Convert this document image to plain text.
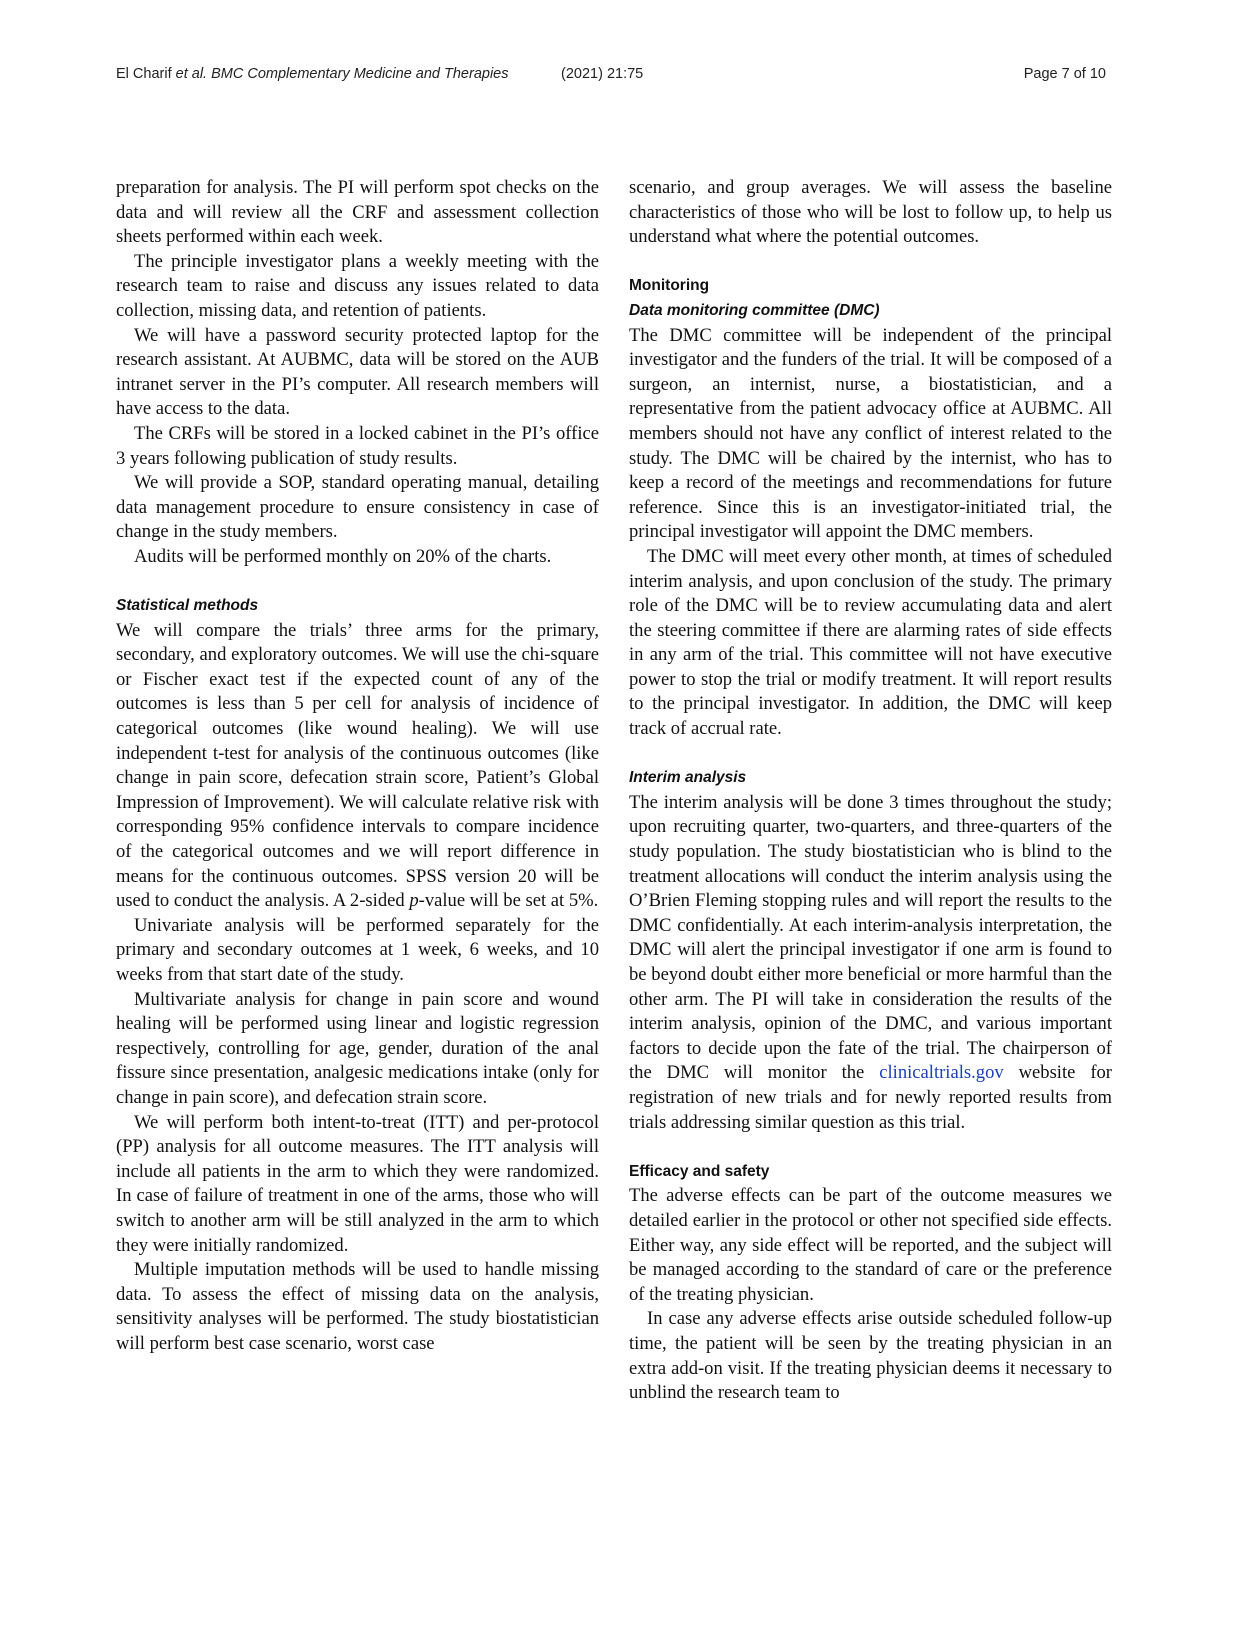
El Charif et al. BMC Complementary Medicine and Therapies	(2021) 21:75	Page 7 of 10

preparation for analysis. The PI will perform spot checks on the data and will review all the CRF and assessment collection sheets performed within each week.

The principle investigator plans a weekly meeting with the research team to raise and discuss any issues related to data collection, missing data, and retention of patients.

We will have a password security protected laptop for the research assistant. At AUBMC, data will be stored on the AUB intranet server in the PI’s computer. All research members will have access to the data.

The CRFs will be stored in a locked cabinet in the PI’s office 3 years following publication of study results.

We will provide a SOP, standard operating manual, detailing data management procedure to ensure consistency in case of change in the study members.

Audits will be performed monthly on 20% of the charts.

Statistical methods

We will compare the trials’ three arms for the primary, secondary, and exploratory outcomes. We will use the chi-square or Fischer exact test if the expected count of any of the outcomes is less than 5 per cell for analysis of incidence of categorical outcomes (like wound healing). We will use independent t-test for analysis of the continuous outcomes (like change in pain score, defecation strain score, Patient’s Global Impression of Improvement). We will calculate relative risk with corresponding 95% confidence intervals to compare incidence of the categorical outcomes and we will report difference in means for the continuous outcomes. SPSS version 20 will be used to conduct the analysis. A 2-sided p-value will be set at 5%.

Univariate analysis will be performed separately for the primary and secondary outcomes at 1 week, 6 weeks, and 10 weeks from that start date of the study.

Multivariate analysis for change in pain score and wound healing will be performed using linear and logistic regression respectively, controlling for age, gender, duration of the anal fissure since presentation, analgesic medications intake (only for change in pain score), and defecation strain score.

We will perform both intent-to-treat (ITT) and per-protocol (PP) analysis for all outcome measures. The ITT analysis will include all patients in the arm to which they were randomized. In case of failure of treatment in one of the arms, those who will switch to another arm will be still analyzed in the arm to which they were initially randomized.

Multiple imputation methods will be used to handle missing data. To assess the effect of missing data on the analysis, sensitivity analyses will be performed. The study biostatistician will perform best case scenario, worst case

scenario, and group averages. We will assess the baseline characteristics of those who will be lost to follow up, to help us understand what where the potential outcomes.

Monitoring
Data monitoring committee (DMC)

The DMC committee will be independent of the principal investigator and the funders of the trial. It will be composed of a surgeon, an internist, nurse, a biostatistician, and a representative from the patient advocacy office at AUBMC. All members should not have any conflict of interest related to the study. The DMC will be chaired by the internist, who has to keep a record of the meetings and recommendations for future reference. Since this is an investigator-initiated trial, the principal investigator will appoint the DMC members.

The DMC will meet every other month, at times of scheduled interim analysis, and upon conclusion of the study. The primary role of the DMC will be to review accumulating data and alert the steering committee if there are alarming rates of side effects in any arm of the trial. This committee will not have executive power to stop the trial or modify treatment. It will report results to the principal investigator. In addition, the DMC will keep track of accrual rate.

Interim analysis

The interim analysis will be done 3 times throughout the study; upon recruiting quarter, two-quarters, and three-quarters of the study population. The study biostatistician who is blind to the treatment allocations will conduct the interim analysis using the O’Brien Fleming stopping rules and will report the results to the DMC confidentially. At each interim-analysis interpretation, the DMC will alert the principal investigator if one arm is found to be beyond doubt either more beneficial or more harmful than the other arm. The PI will take in consideration the results of the interim analysis, opinion of the DMC, and various important factors to decide upon the fate of the trial. The chairperson of the DMC will monitor the clinicaltrials.gov website for registration of new trials and for newly reported results from trials addressing similar question as this trial.

Efficacy and safety

The adverse effects can be part of the outcome measures we detailed earlier in the protocol or other not specified side effects. Either way, any side effect will be reported, and the subject will be managed according to the standard of care or the preference of the treating physician.

In case any adverse effects arise outside scheduled follow-up time, the patient will be seen by the treating physician in an extra add-on visit. If the treating physician deems it necessary to unblind the research team to
